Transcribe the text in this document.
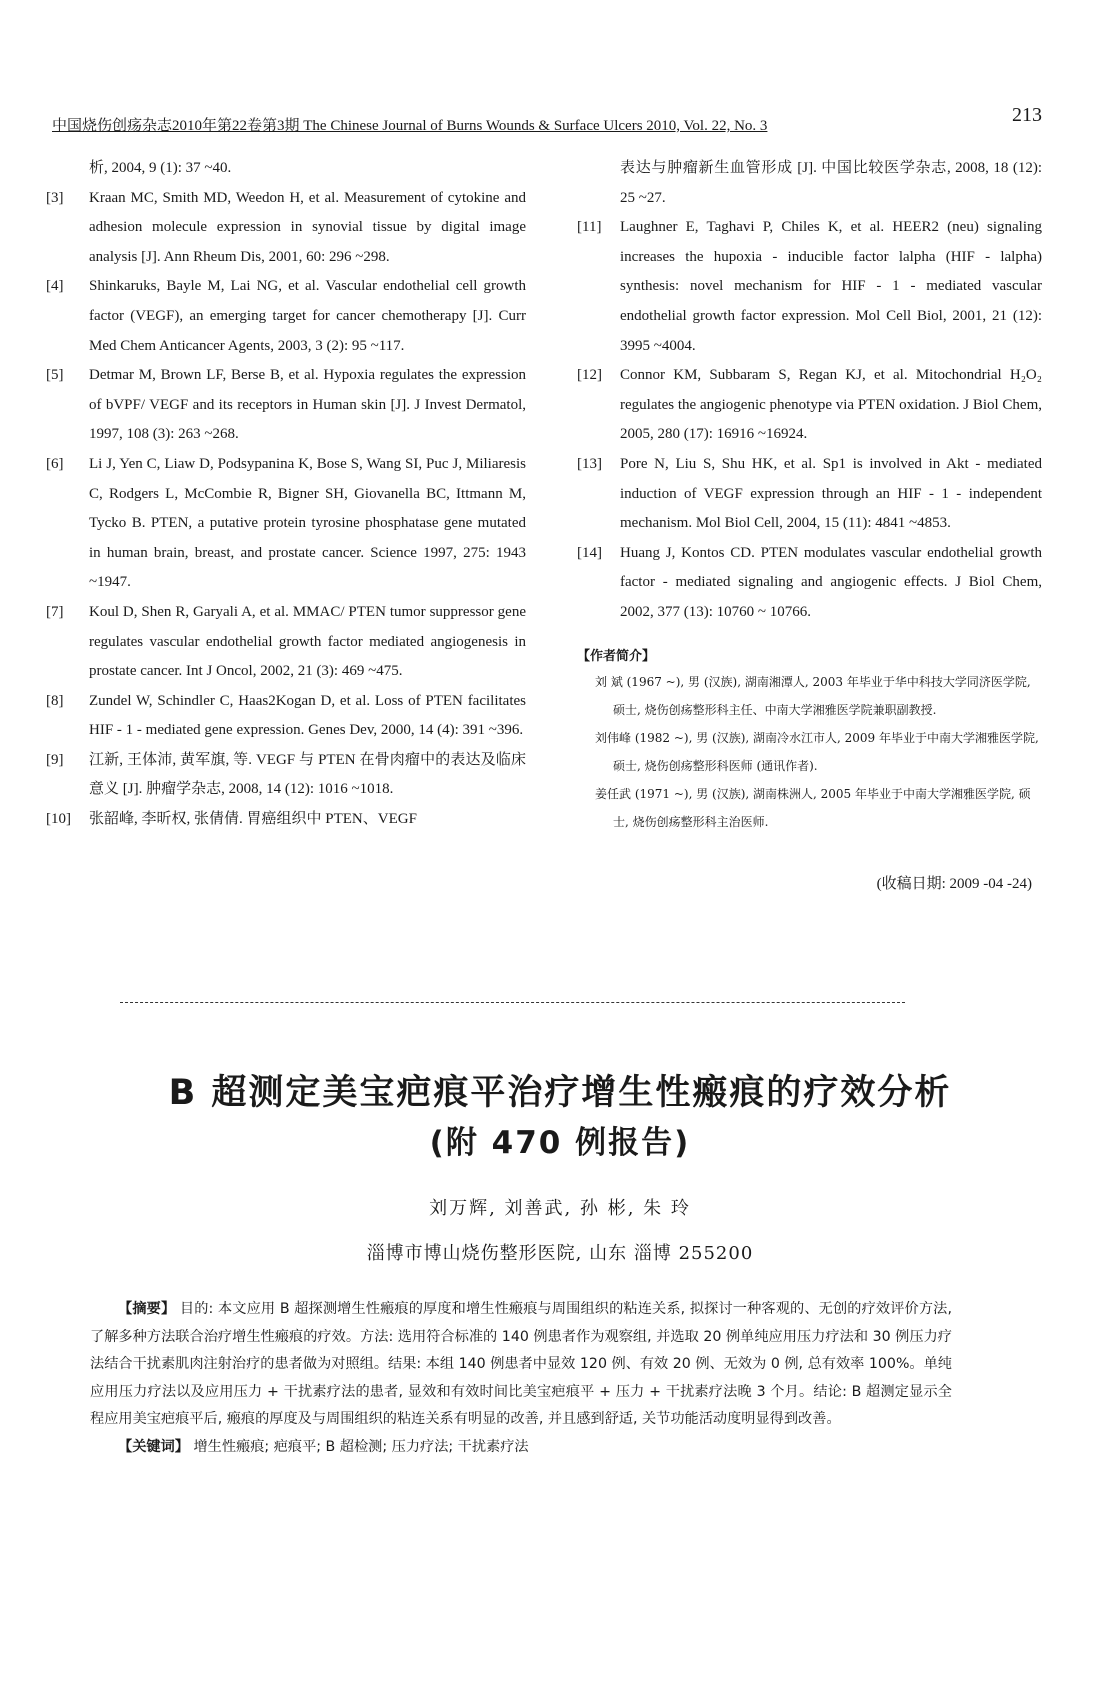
中国烧伤创疡杂志2010年第22卷第3期 The Chinese Journal of Burns Wounds & Surface Ulcers 2010, Vol. 22, No. 3	213
析, 2004, 9 (1): 37 ~40.
[3] Kraan MC, Smith MD, Weedon H, et al. Measurement of cytokine and adhesion molecule expression in synovial tissue by digital image analysis [J]. Ann Rheum Dis, 2001, 60: 296 ~298.
[4] Shinkaruks, Bayle M, Lai NG, et al. Vascular endothelial cell growth factor (VEGF), an emerging target for cancer chemotherapy [J]. Curr Med Chem Anticancer Agents, 2003, 3 (2): 95 ~117.
[5] Detmar M, Brown LF, Berse B, et al. Hypoxia regulates the expression of bVPF/ VEGF and its receptors in Human skin [J]. J Invest Dermatol, 1997, 108 (3): 263 ~268.
[6] Li J, Yen C, Liaw D, Podsypanina K, Bose S, Wang SI, Puc J, Miliaresis C, Rodgers L, McCombie R, Bigner SH, Giovanella BC, Ittmann M, Tycko B. PTEN, a putative protein tyrosine phosphatase gene mutated in human brain, breast, and prostate cancer. Science 1997, 275: 1943 ~1947.
[7] Koul D, Shen R, Garyali A, et al. MMAC/ PTEN tumor suppressor gene regulates vascular endothelial growth factor mediated angiogenesis in prostate cancer. Int J Oncol, 2002, 21 (3): 469 ~475.
[8] Zundel W, Schindler C, Haas2Kogan D, et al. Loss of PTEN facilitates HIF - 1 - mediated gene expression. Genes Dev, 2000, 14 (4): 391 ~396.
[9] 江新, 王体沛, 黄军旗, 等. VEGF 与 PTEN 在骨肉瘤中的表达及临床意义 [J]. 肿瘤学杂志, 2008, 14 (12): 1016 ~1018.
[10] 张韶峰, 李昕权, 张倩倩. 胃癌组织中 PTEN、VEGF
表达与肿瘤新生血管形成 [J]. 中国比较医学杂志, 2008, 18 (12): 25 ~27.
[11] Laughner E, Taghavi P, Chiles K, et al. HEER2 (neu) signaling increases the hupoxia - inducible factor lalpha (HIF - lalpha) synthesis: novel mechanism for HIF - 1 - mediated vascular endothelial growth factor expression. Mol Cell Biol, 2001, 21 (12): 3995 ~4004.
[12] Connor KM, Subbaram S, Regan KJ, et al. Mitochondrial H₂O₂ regulates the angiogenic phenotype via PTEN oxidation. J Biol Chem, 2005, 280 (17): 16916 ~16924.
[13] Pore N, Liu S, Shu HK, et al. Sp1 is involved in Akt - mediated induction of VEGF expression through an HIF - 1 - independent mechanism. Mol Biol Cell, 2004, 15 (11): 4841 ~4853.
[14] Huang J, Kontos CD. PTEN modulates vascular endothelial growth factor - mediated signaling and angiogenic effects. J Biol Chem, 2002, 377 (13): 10760 ~ 10766.
【作者简介】

刘 斌 (1967 ~), 男 (汉族), 湖南湘潭人, 2003 年毕业于华中科技大学同济医学院, 硕士, 烧伤创疡整形科主任、中南大学湘雅医学院兼职副教授.

刘伟峰 (1982 ~), 男 (汉族), 湖南冷水江市人, 2009 年毕业于中南大学湘雅医学院, 硕士, 烧伤创疡整形科医师 (通讯作者).

姜任武 (1971 ~), 男 (汉族), 湖南株洲人, 2005 年毕业于中南大学湘雅医学院, 硕士, 烧伤创疡整形科主治医师.

(收稿日期: 2009 -04 -24)
B 超测定美宝疤痕平治疗增生性瘢痕的疗效分析
(附 470 例报告)
刘万辉, 刘善武, 孙 彬, 朱 玲
淄博市博山烧伤整形医院, 山东 淄博 255200

【摘要】 目的: 本文应用 B 超探测增生性瘢痕的厚度和增生性瘢痕与周围组织的粘连关系, 拟探讨一种客观的、无创的疗效评价方法, 了解多种方法联合治疗增生性瘢痕的疗效。方法: 选用符合标准的 140 例患者作为观察组, 并选取 20 例单纯应用压力疗法和 30 例压力疗法结合干扰素肌肉注射治疗的患者做为对照组。结果: 本组 140 例患者中显效 120 例、有效 20 例、无效为 0 例, 总有效率 100%。单纯应用压力疗法以及应用压力 + 干扰素疗法的患者, 显效和有效时间比美宝疤痕平 + 压力 + 干扰素疗法晚 3 个月。结论: B 超测定显示全程应用美宝疤痕平后, 瘢痕的厚度及与周围组织的粘连关系有明显的改善, 并且感到舒适, 关节功能活动度明显得到改善。

【关键词】 增生性瘢痕; 疤痕平; B 超检测; 压力疗法; 干扰素疗法
